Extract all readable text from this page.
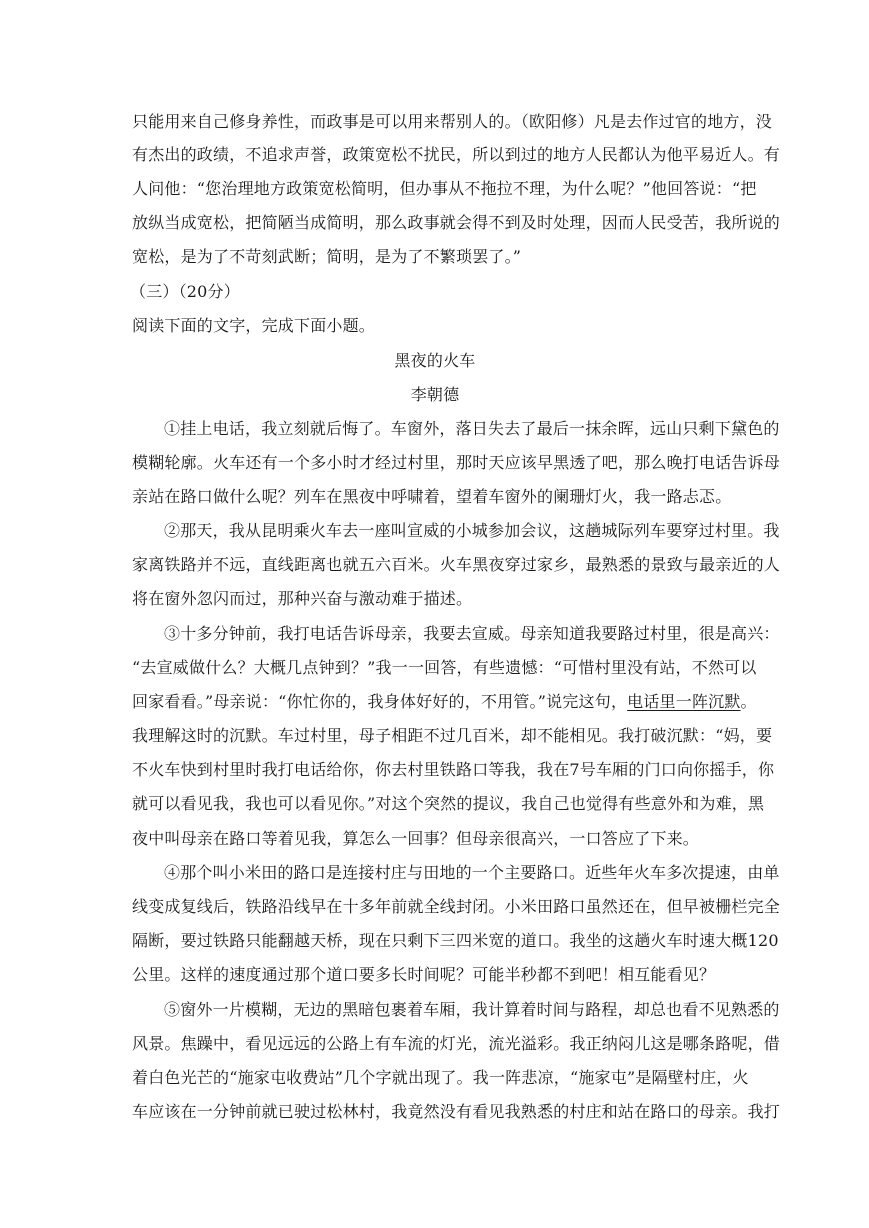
只能用来自己修身养性，而政事是可以用来帮别人的。（欧阳修）凡是去作过官的地方，没
有杰出的政绩，不追求声誉，政策宽松不扰民，所以到过的地方人民都认为他平易近人。有
人问他：“您治理地方政策宽松简明，但办事从不拖拉不理，为什么呢？”他回答说：“把
放纵当成宽松，把简陋当成简明，那么政事就会得不到及时处理，因而人民受苦，我所说的
宽松，是为了不苛刻武断；简明，是为了不繁琐罢了。”
（三）（20分）
阅读下面的文字，完成下面小题。
黑夜的火车
李朝德
①挂上电话，我立刻就后悔了。车窗外，落日失去了最后一抹余晖，远山只剩下黛色的
模糊轮廓。火车还有一个多小时才经过村里，那时天应该早黑透了吧，那么晚打电话告诉母
亲站在路口做什么呢？列车在黑夜中呼啸着，望着车窗外的阑珊灯火，我一路忐忑。
②那天，我从昆明乘火车去一座叫宣威的小城参加会议，这趟城际列车要穿过村里。我
家离铁路并不远，直线距离也就五六百米。火车黑夜穿过家乡，最熟悉的景致与最亲近的人
将在窗外忽闪而过，那种兴奋与激动难于描述。
③十多分钟前，我打电话告诉母亲，我要去宣威。母亲知道我要路过村里，很是高兴：
“去宣威做什么？大概几点钟到？”我一一回答，有些遗憾：“可惜村里没有站，不然可以
回家看看。”母亲说：“你忙你的，我身体好好的，不用管。”说完这句，电话里一阵沉默。
我理解这时的沉默。车过村里，母子相距不过几百米，却不能相见。我打破沉默：“妈，要
不火车快到村里时我打电话给你，你去村里铁路口等我，我在7号车厢的门口向你摇手，你
就可以看见我，我也可以看见你。”对这个突然的提议，我自己也觉得有些意外和为难，黑
夜中叫母亲在路口等着见我，算怎么一回事？但母亲很高兴，一口答应了下来。
④那个叫小米田的路口是连接村庄与田地的一个主要路口。近些年火车多次提速，由单
线变成复线后，铁路沿线早在十多年前就全线封闭。小米田路口虽然还在，但早被栅栏完全
隔断，要过铁路只能翻越天桥，现在只剩下三四米宽的道口。我坐的这趟火车时速大概120
公里。这样的速度通过那个道口要多长时间呢？可能半秒都不到吧！相互能看见？
⑤窗外一片模糊，无边的黑暗包裹着车厢，我计算着时间与路程，却总也看不见熟悉的
风景。焦躁中，看见远远的公路上有车流的灯光，流光溢彩。我正纳闷儿这是哪条路呢，借
着白色光芒的“施家屯收费站”几个字就出现了。我一阵悲凉，“施家屯”是隔壁村庄，火
车应该在一分钟前就已驶过松林村，我竟然没有看见我熟悉的村庄和站在路口的母亲。我打
